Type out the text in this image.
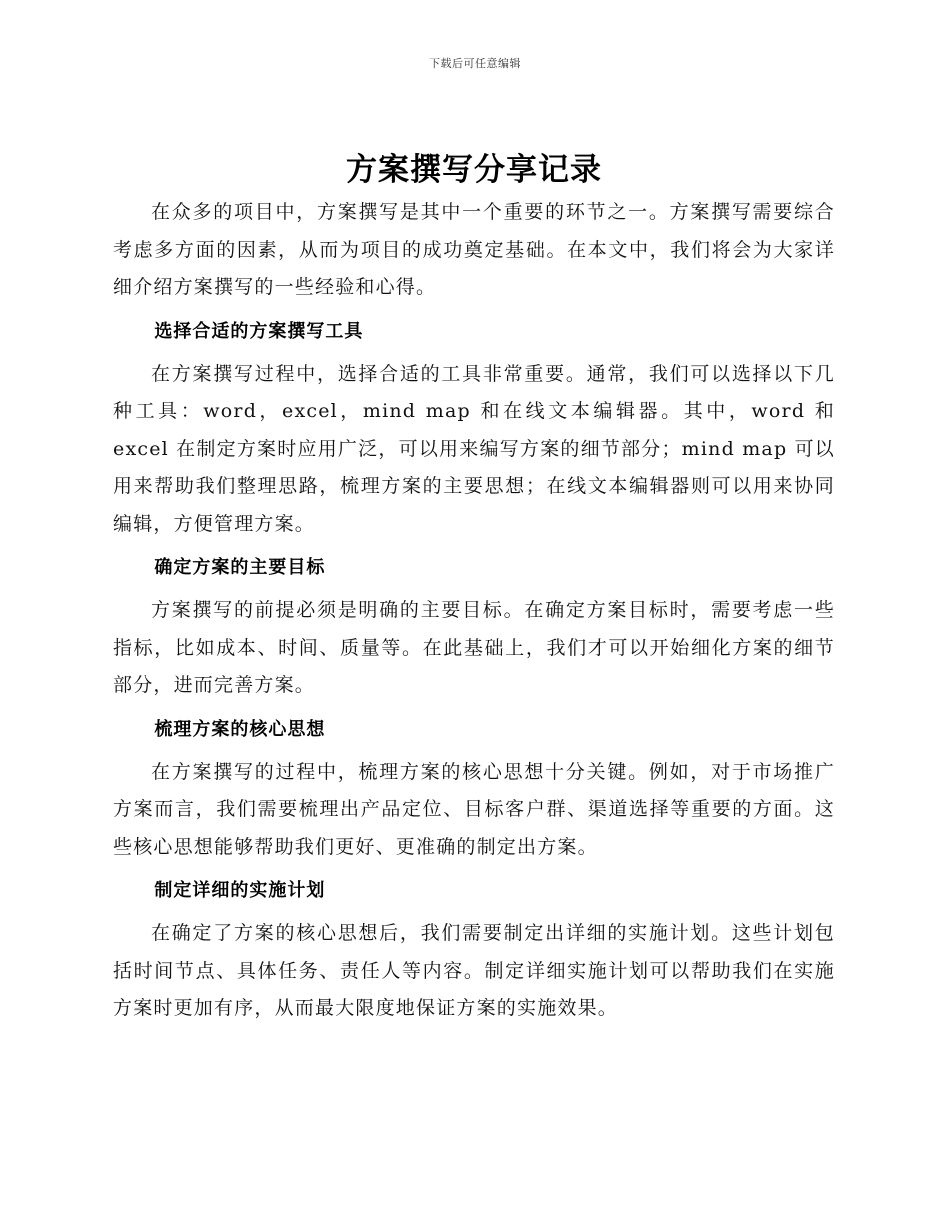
下载后可任意编辑
方案撰写分享记录

在众多的项目中，方案撰写是其中一个重要的环节之一。方案撰写需要综合考虑多方面的因素，从而为项目的成功奠定基础。在本文中，我们将会为大家详细介绍方案撰写的一些经验和心得。

选择合适的方案撰写工具

在方案撰写过程中，选择合适的工具非常重要。通常，我们可以选择以下几种工具：word，excel，mind map 和在线文本编辑器。其中，word 和 excel 在制定方案时应用广泛，可以用来编写方案的细节部分；mind map 可以用来帮助我们整理思路，梳理方案的主要思想；在线文本编辑器则可以用来协同编辑，方便管理方案。

确定方案的主要目标

方案撰写的前提必须是明确的主要目标。在确定方案目标时，需要考虑一些指标，比如成本、时间、质量等。在此基础上，我们才可以开始细化方案的细节部分，进而完善方案。

梳理方案的核心思想

在方案撰写的过程中，梳理方案的核心思想十分关键。例如，对于市场推广方案而言，我们需要梳理出产品定位、目标客户群、渠道选择等重要的方面。这些核心思想能够帮助我们更好、更准确的制定出方案。

制定详细的实施计划

在确定了方案的核心思想后，我们需要制定出详细的实施计划。这些计划包括时间节点、具体任务、责任人等内容。制定详细实施计划可以帮助我们在实施方案时更加有序，从而最大限度地保证方案的实施效果。
